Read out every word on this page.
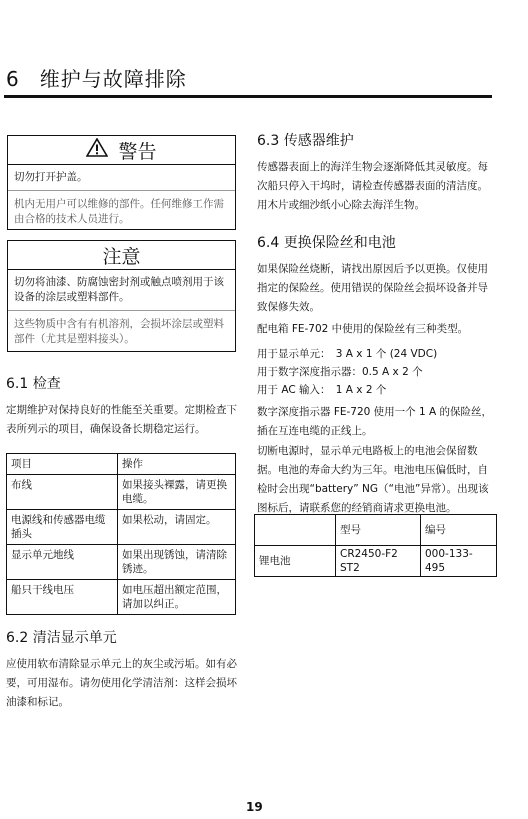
6 维护与故障排除
警告

切勿打开护盖。

机内无用户可以维修的部件。任何维修工作需由合格的技术人员进行。

注意

切勿将油漆、防腐蚀密封剂或触点喷剂用于该设备的涂层或塑料部件。

这些物质中含有有机溶剂，会损坏涂层或塑料部件（尤其是塑料接头）。

6.1 检查

定期维护对保持良好的性能至关重要。定期检查下表所列示的项目，确保设备长期稳定运行。

项目	操作
布线	如果接头裸露，请更换电缆。
电源线和传感器电缆插头	如果松动，请固定。
显示单元地线	如果出现锈蚀，请清除锈迹。
船只干线电压	如电压超出额定范围，请加以纠正。
6.2 清洁显示单元

应使用软布清除显示单元上的灰尘或污垢。如有必要，可用湿布。请勿使用化学清洁剂：这样会损坏油漆和标记。

6.3 传感器维护

传感器表面上的海洋生物会逐渐降低其灵敏度。每次船只停入干坞时，请检查传感器表面的清洁度。用木片或细沙纸小心除去海洋生物。

6.4 更换保险丝和电池

如果保险丝烧断，请找出原因后予以更换。仅使用指定的保险丝。使用错误的保险丝会损坏设备并导致保修失效。

配电箱 FE-702 中使用的保险丝有三种类型。

用于显示单元：　3 A x 1 个 (24 VDC)

用于数字深度指示器：0.5 A x 2 个

用于 AC 输入：　1 A x 2 个

数字深度指示器 FE-720 使用一个 1 A 的保险丝，插在互连电缆的正线上。

切断电源时，显示单元电路板上的电池会保留数据。电池的寿命大约为三年。电池电压偏低时，自检时会出现“battery” NG（“电池”异常）。出现该图标后，请联系您的经销商请求更换电池。

	型号	编号
锂电池	CR2450-F2 ST2	000-133-495
19
